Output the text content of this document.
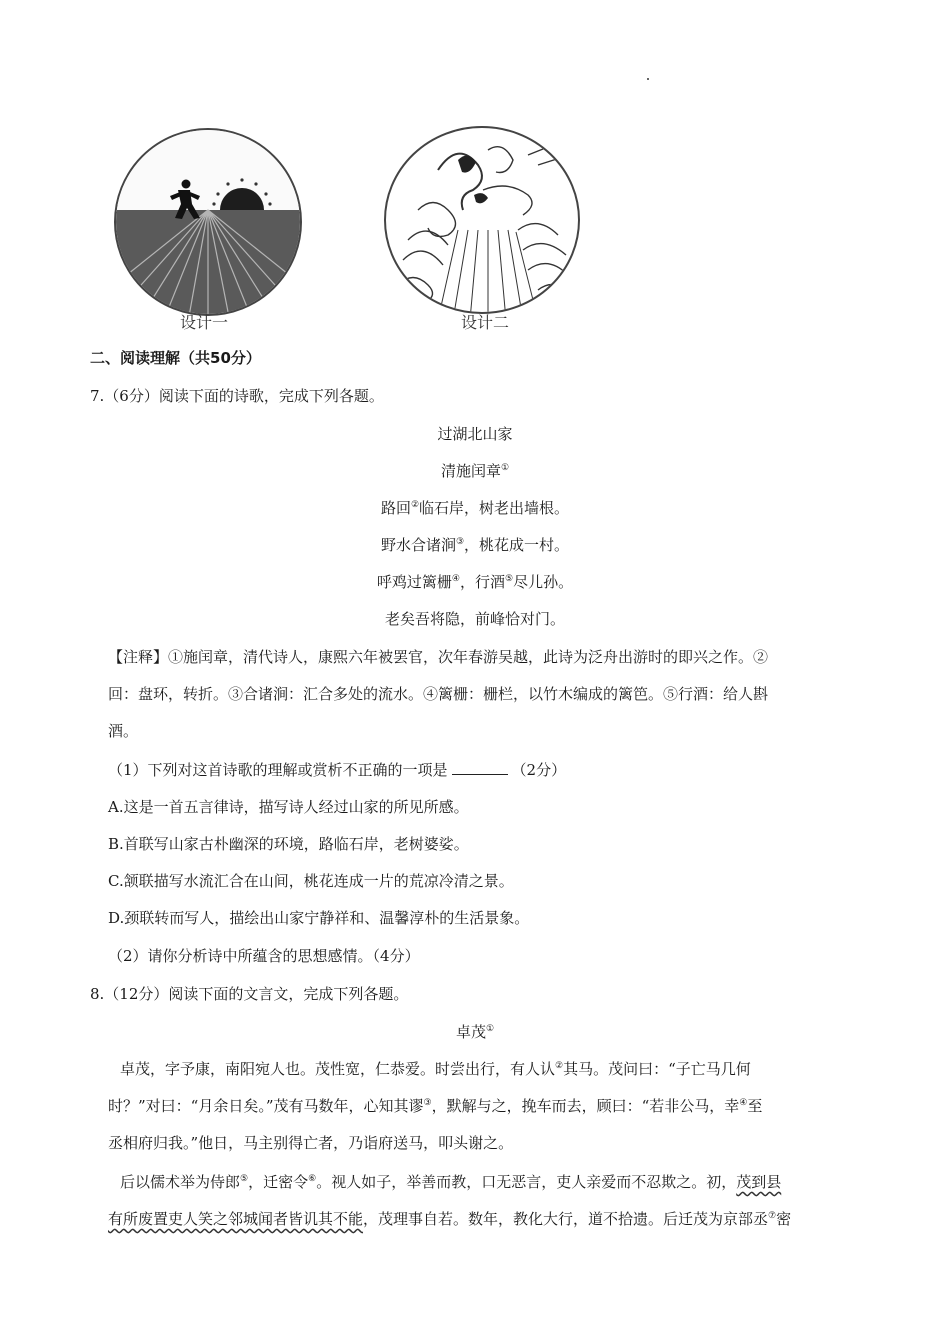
设计一	设计二
二、阅读理解（共50分）
7.（6分）阅读下面的诗歌，完成下列各题。
过湖北山家
清施闰章①
路回②临石岸，树老出墙根。
野水合诸涧③，桃花成一村。
呼鸡过篱栅④，行酒⑤尽儿孙。
老矣吾将隐，前峰恰对门。
【注释】①施闰章，清代诗人，康熙六年被罢官，次年春游吴越，此诗为泛舟出游时的即兴之作。②
回：盘环，转折。③合诸涧：汇合多处的流水。④篱栅：栅栏，以竹木编成的篱笆。⑤行酒：给人斟
酒。
（1）下列对这首诗歌的理解或赏析不正确的一项是	（2分）
A.这是一首五言律诗，描写诗人经过山家的所见所感。
B.首联写山家古朴幽深的环境，路临石岸，老树婆娑。
C.颔联描写水流汇合在山间，桃花连成一片的荒凉冷清之景。
D.颈联转而写人，描绘出山家宁静祥和、温馨淳朴的生活景象。
（2）请你分析诗中所蕴含的思想感情。（4分）
8.（12分）阅读下面的文言文，完成下列各题。
卓茂①
卓茂，字予康，南阳宛人也。茂性宽，仁恭爱。时尝出行，有人认②其马。茂问曰：“子亡马几何
时？”对曰：“月余日矣。”茂有马数年，心知其谬③，默解与之，挽车而去，顾曰：“若非公马，幸④至
丞相府归我。”他日，马主别得亡者，乃诣府送马，叩头谢之。
后以儒术举为侍郎⑤，迁密令⑥。视人如子，举善而教，口无恶言，吏人亲爱而不忍欺之。初，茂到县
有所废置吏人笑之邻城闻者皆讥其不能，茂理事自若。数年，教化大行，道不拾遗。后迁茂为京部丞⑦密
